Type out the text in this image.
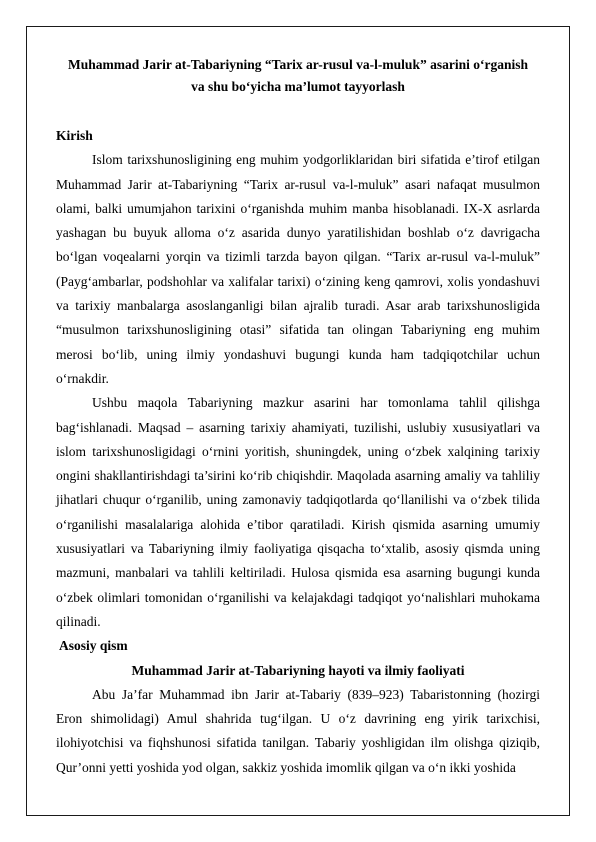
Muhammad Jarir at-Tabariyning “Tarix ar-rusul va-l-muluk” asarini o‘rganish

va shu bo‘yicha ma’lumot tayyorlash

Kirish

Islom tarixshunosligining eng muhim yodgorliklaridan biri sifatida e’tirof etilgan Muhammad Jarir at-Tabariyning “Tarix ar-rusul va-l-muluk” asari nafaqat musulmon olami, balki umumjahon tarixini o‘rganishda muhim manba hisoblanadi. IX-X asrlarda yashagan bu buyuk alloma o‘z asarida dunyo yaratilishidan boshlab o‘z davrigacha bo‘lgan voqealarni yorqin va tizimli tarzda bayon qilgan. “Tarix ar-rusul va-l-muluk” (Payg‘ambarlar, podshohlar va xalifalar tarixi) o‘zining keng qamrovi, xolis yondashuvi va tarixiy manbalarga asoslanganligi bilan ajralib turadi. Asar arab tarixshunosligida “musulmon tarixshunosligining otasi” sifatida tan olingan Tabariyning eng muhim merosi bo‘lib, uning ilmiy yondashuvi bugungi kunda ham tadqiqotchilar uchun o‘rnakdir.

Ushbu maqola Tabariyning mazkur asarini har tomonlama tahlil qilishga bag‘ishlanadi. Maqsad – asarning tarixiy ahamiyati, tuzilishi, uslubiy xususiyatlari va islom tarixshunosligidagi o‘rnini yoritish, shuningdek, uning o‘zbek xalqining tarixiy ongini shakllantirishdagi ta’sirini ko‘rib chiqishdir. Maqolada asarning amaliy va tahliliy jihatlari chuqur o‘rganilib, uning zamonaviy tadqiqotlarda qo‘llanilishi va o‘zbek tilida o‘rganilishi masalalariga alohida e’tibor qaratiladi. Kirish qismida asarning umumiy xususiyatlari va Tabariyning ilmiy faoliyatiga qisqacha to‘xtalib, asosiy qismda uning mazmuni, manbalari va tahlili keltiriladi. Hulosa qismida esa asarning bugungi kunda o‘zbek olimlari tomonidan o‘rganilishi va kelajakdagi tadqiqot yo‘nalishlari muhokama qilinadi.

Asosiy qism

Muhammad Jarir at-Tabariyning hayoti va ilmiy faoliyati

Abu Ja’far Muhammad ibn Jarir at-Tabariy (839–923) Tabaristonning (hozirgi Eron shimolidagi) Amul shahrida tug‘ilgan. U o‘z davrining eng yirik tarixchisi, ilohiyotchisi va fiqhshunosi sifatida tanilgan. Tabariy yoshligidan ilm olishga qiziqib, Qur’onni yetti yoshida yod olgan, sakkiz yoshida imomlik qilgan va o‘n ikki yoshida
